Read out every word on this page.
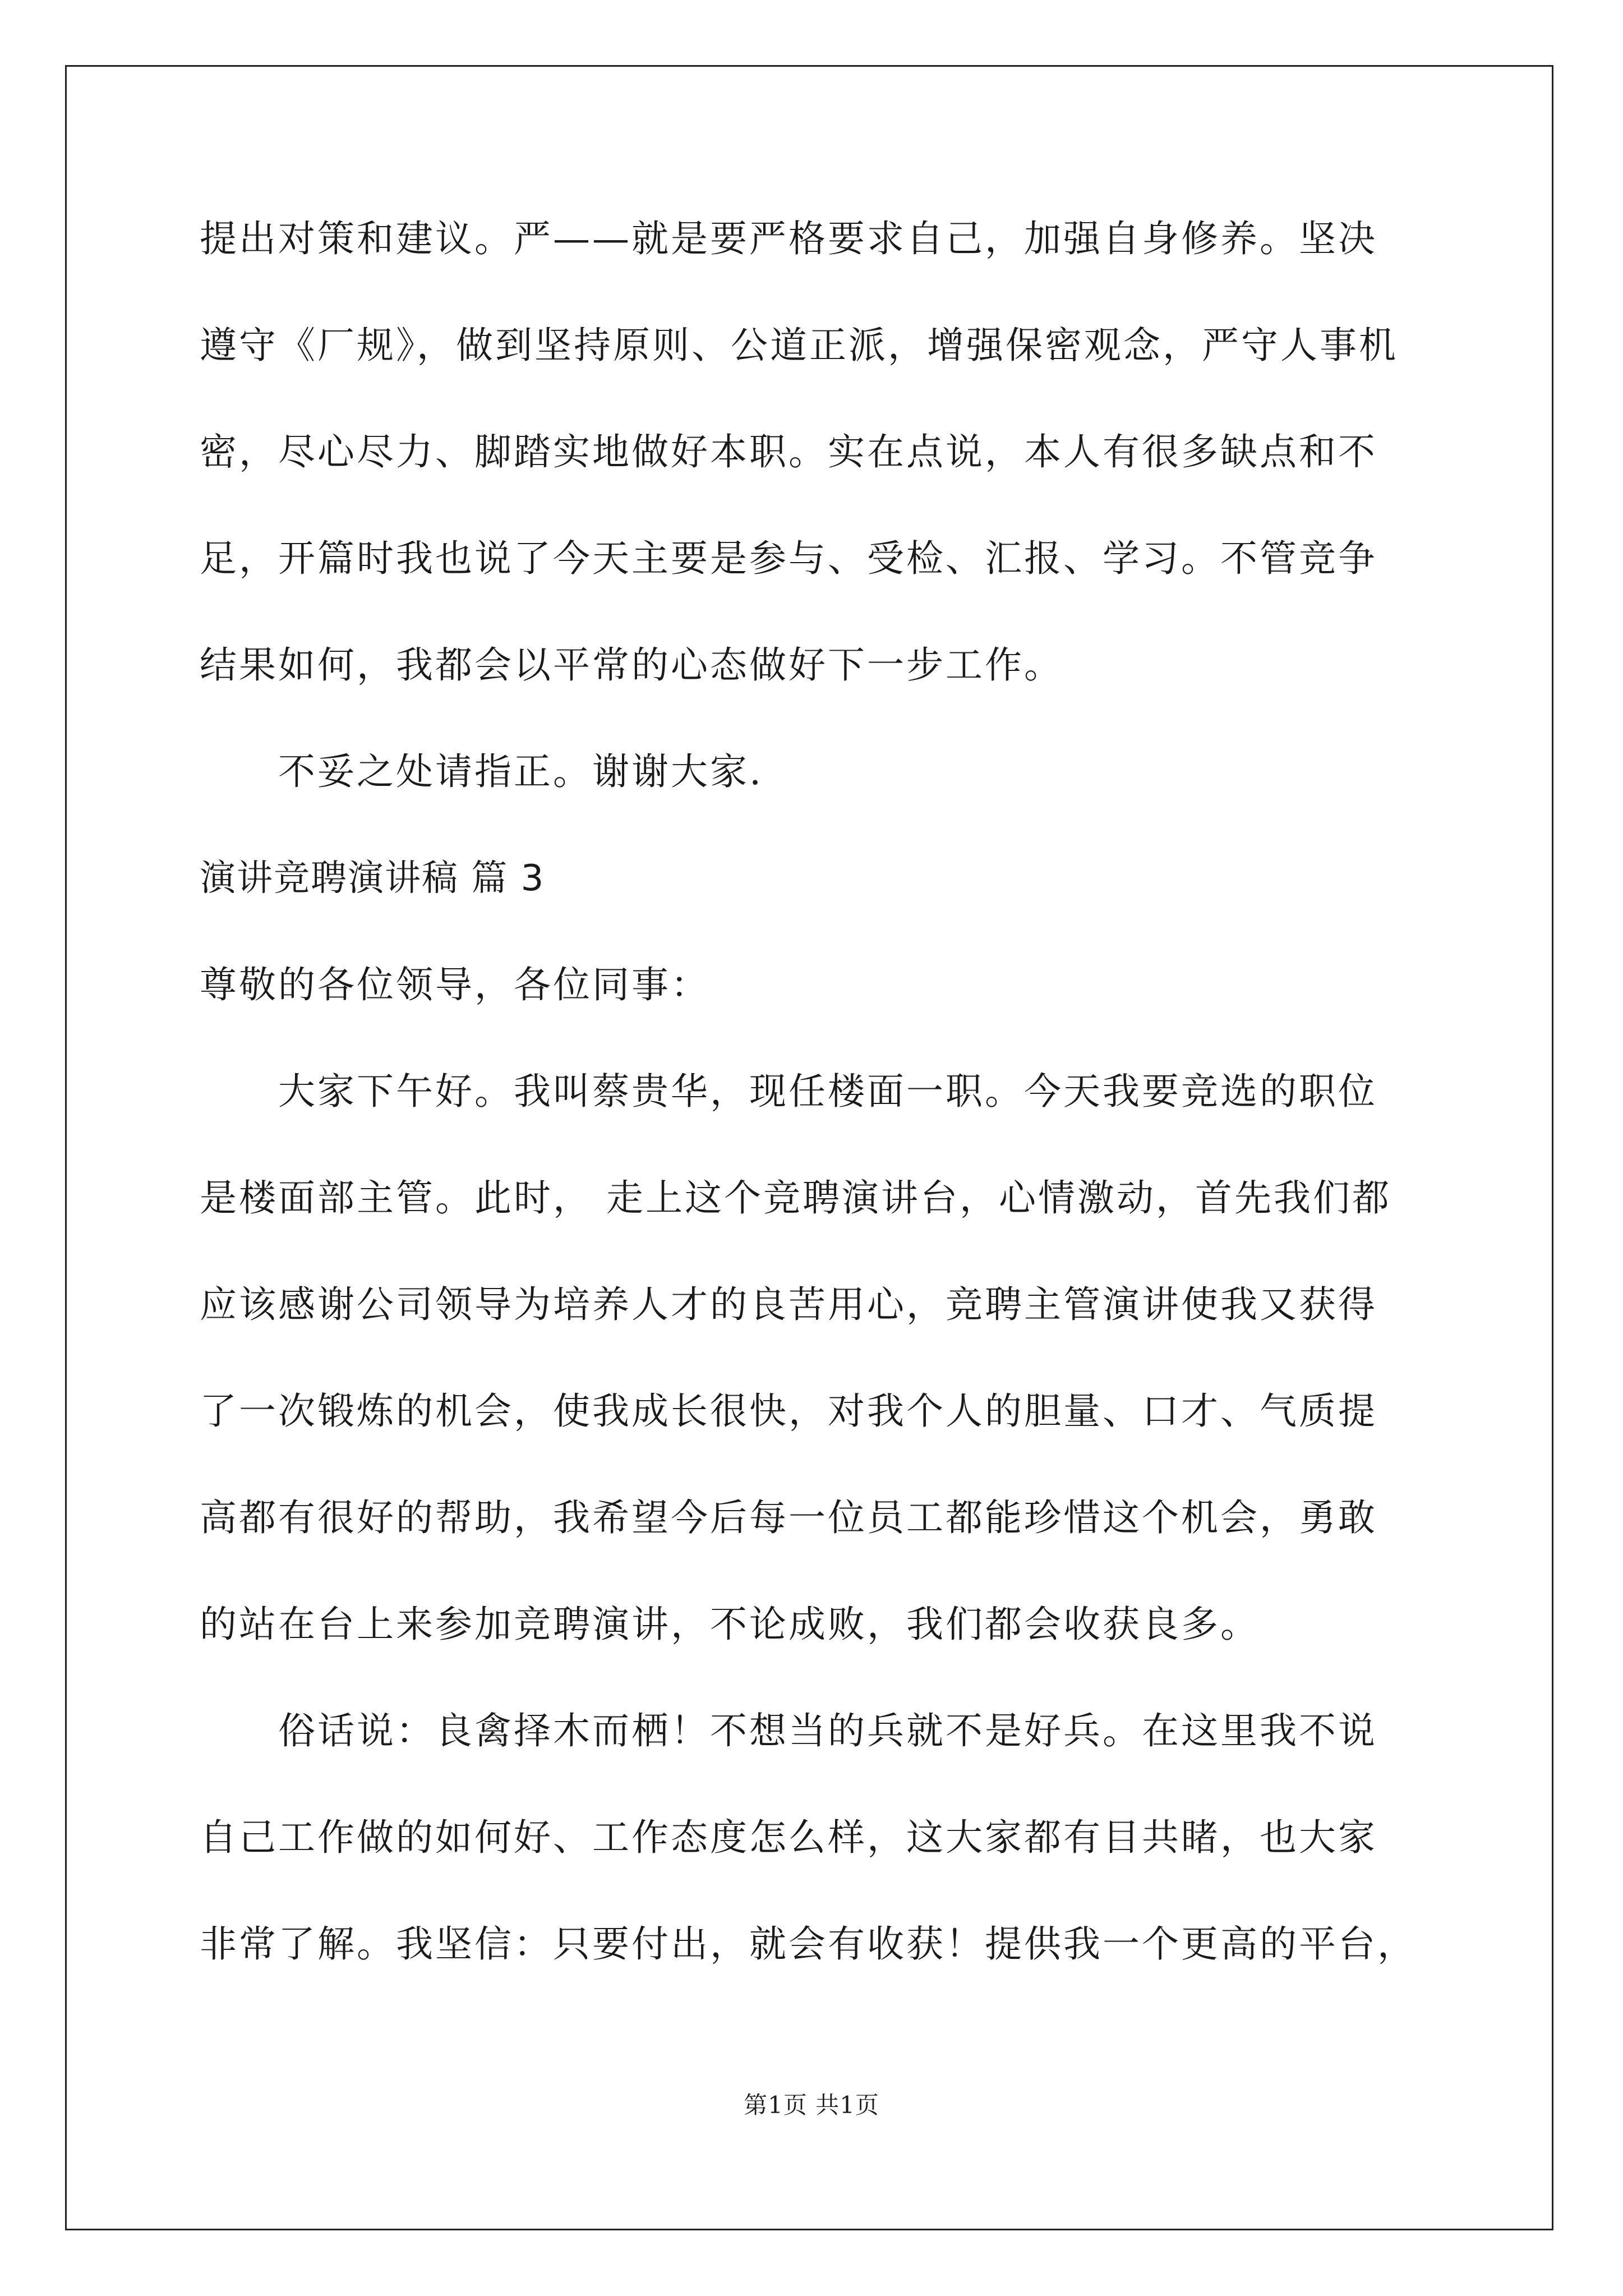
提出对策和建议。严——就是要严格要求自己，加强自身修养。坚决

遵守《厂规》，做到坚持原则、公道正派，增强保密观念，严守人事机

密，尽心尽力、脚踏实地做好本职。实在点说，本人有很多缺点和不

足，开篇时我也说了今天主要是参与、受检、汇报、学习。不管竞争

结果如何，我都会以平常的心态做好下一步工作。

不妥之处请指正。谢谢大家.

演讲竞聘演讲稿 篇 3

尊敬的各位领导，各位同事：

大家下午好。我叫蔡贵华，现任楼面一职。今天我要竞选的职位

是楼面部主管。此时， 走上这个竞聘演讲台，心情激动，首先我们都

应该感谢公司领导为培养人才的良苦用心，竞聘主管演讲使我又获得

了一次锻炼的机会，使我成长很快，对我个人的胆量、口才、气质提

高都有很好的帮助，我希望今后每一位员工都能珍惜这个机会，勇敢

的站在台上来参加竞聘演讲，不论成败，我们都会收获良多。

俗话说：良禽择木而栖！不想当的兵就不是好兵。在这里我不说

自己工作做的如何好、工作态度怎么样，这大家都有目共睹，也大家

非常了解。我坚信：只要付出，就会有收获！提供我一个更高的平台，

第1页 共1页
